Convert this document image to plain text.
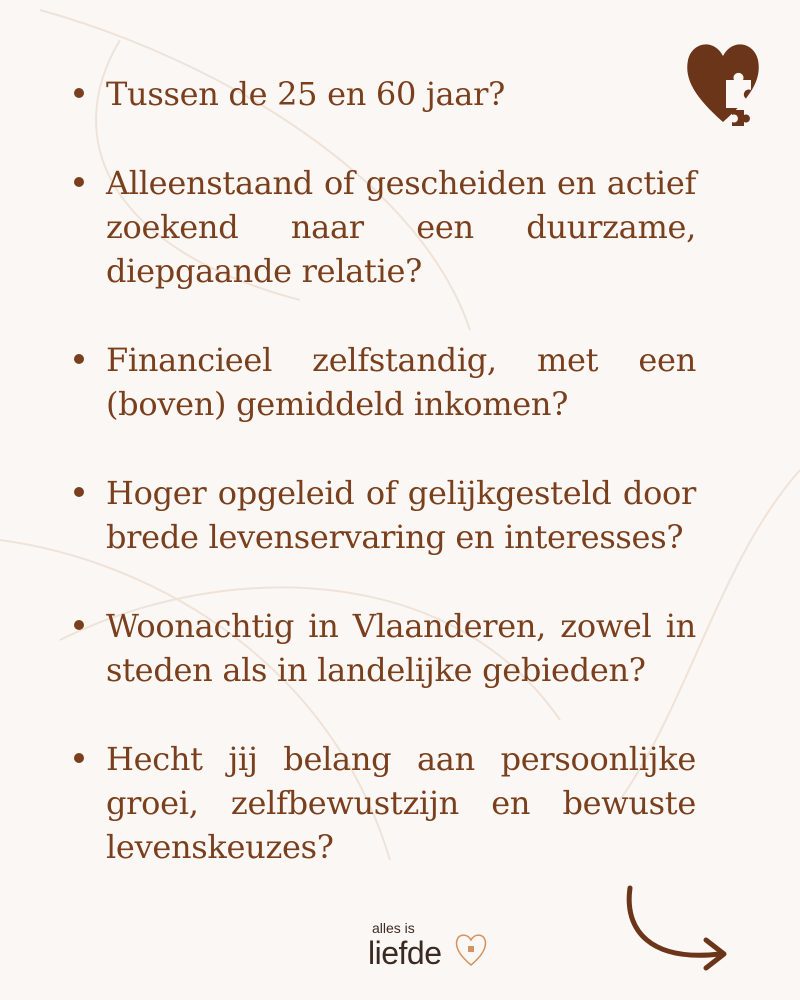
Tussen de 25 en 60 jaar?
Alleenstaand of gescheiden en actief zoekend naar een duurzame, diepgaande relatie?
Financieel zelfstandig, met een (boven) gemiddeld inkomen?
Hoger opgeleid of gelijkgesteld door brede levenservaring en interesses?
Woonachtig in Vlaanderen, zowel in steden als in landelijke gebieden?
Hecht jij belang aan persoonlijke groei, zelfbewustzijn en bewuste levenskeuzes?
alles is
liefde
